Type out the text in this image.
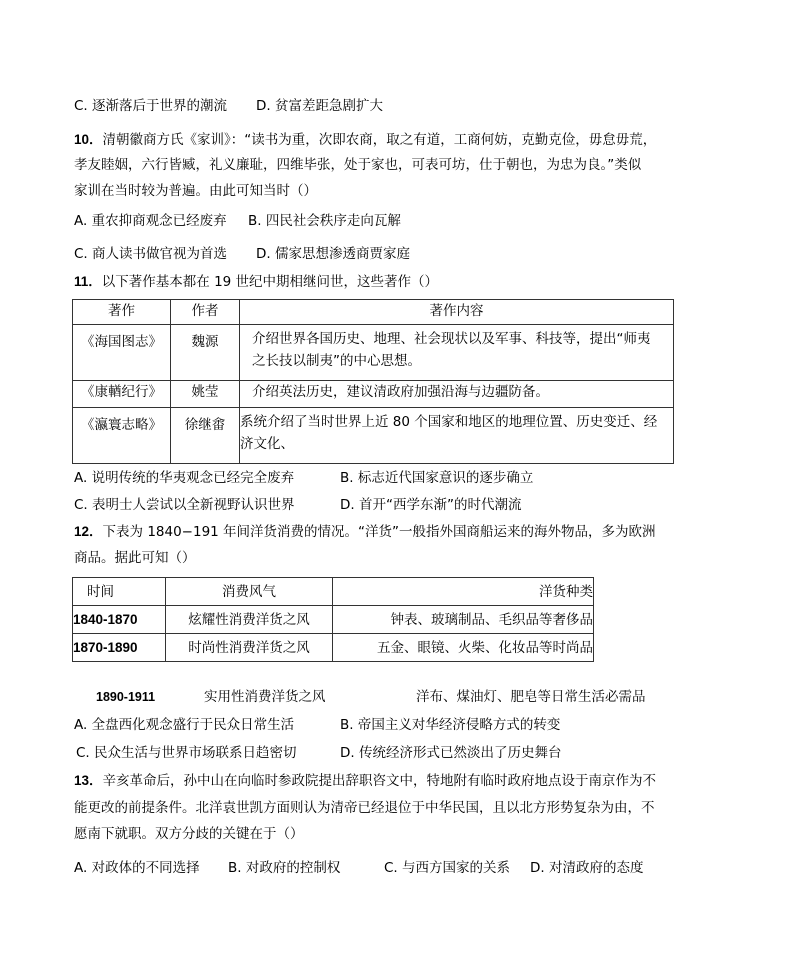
C. 逐渐落后于世界的潮流 D. 贫富差距急剧扩大
10．清朝徽商方氏《家训》：“读书为重，次即农商，取之有道，工商何妨，克勤克俭，毋怠毋荒，
孝友睦姻，六行皆臧，礼义廉耻，四维毕张，处于家也，可表可坊，仕于朝也，为忠为良。”类似
家训在当时较为普遍。由此可知当时（）
A. 重农抑商观念已经废弃 B. 四民社会秩序走向瓦解
C. 商人读书做官视为首选 D. 儒家思想渗透商贾家庭
11．以下著作基本都在 19 世纪中期相继问世，这些著作（）
著作	作者	著作内容
《海国图志》	魏源	介绍世界各国历史、地理、社会现状以及军事、科技等，提出“师夷
之长技以制夷”的中心思想。

《康輶纪行》	姚莹	介绍英法历史，建议清政府加强沿海与边疆防备。
《瀛寰志略》	徐继畬	系统介绍了当时世界上近 80 个国家和地区的地理位置、历史变迁、经
济文化、
A. 说明传统的华夷观念已经完全废弃	B. 标志近代国家意识的逐步确立
C. 表明士人尝试以全新视野认识世界	D. 首开“西学东渐”的时代潮流
12．下表为 1840−191 年间洋货消费的情况。“洋货”一般指外国商船运来的海外物品，多为欧洲
商品。据此可知（）
时间	消费风气	洋货种类
1840-1870	炫耀性消费洋货之风	钟表、玻璃制品、毛织品等奢侈品
1870-1890	时尚性消费洋货之风	五金、眼镜、火柴、化妆品等时尚品
1890-1911	实用性消费洋货之风	洋布、煤油灯、肥皂等日常生活必需品
A. 全盘西化观念盛行于民众日常生活	B. 帝国主义对华经济侵略方式的转变
C. 民众生活与世界市场联系日趋密切	D. 传统经济形式已然淡出了历史舞台
13．辛亥革命后，孙中山在向临时参政院提出辞职咨文中，特地附有临时政府地点设于南京作为不
能更改的前提条件。北洋袁世凯方面则认为清帝已经退位于中华民国，且以北方形势复杂为由，不
愿南下就职。双方分歧的关键在于（）
A. 对政体的不同选择 B. 对政府的控制权	C. 与西方国家的关系 D. 对清政府的态度
